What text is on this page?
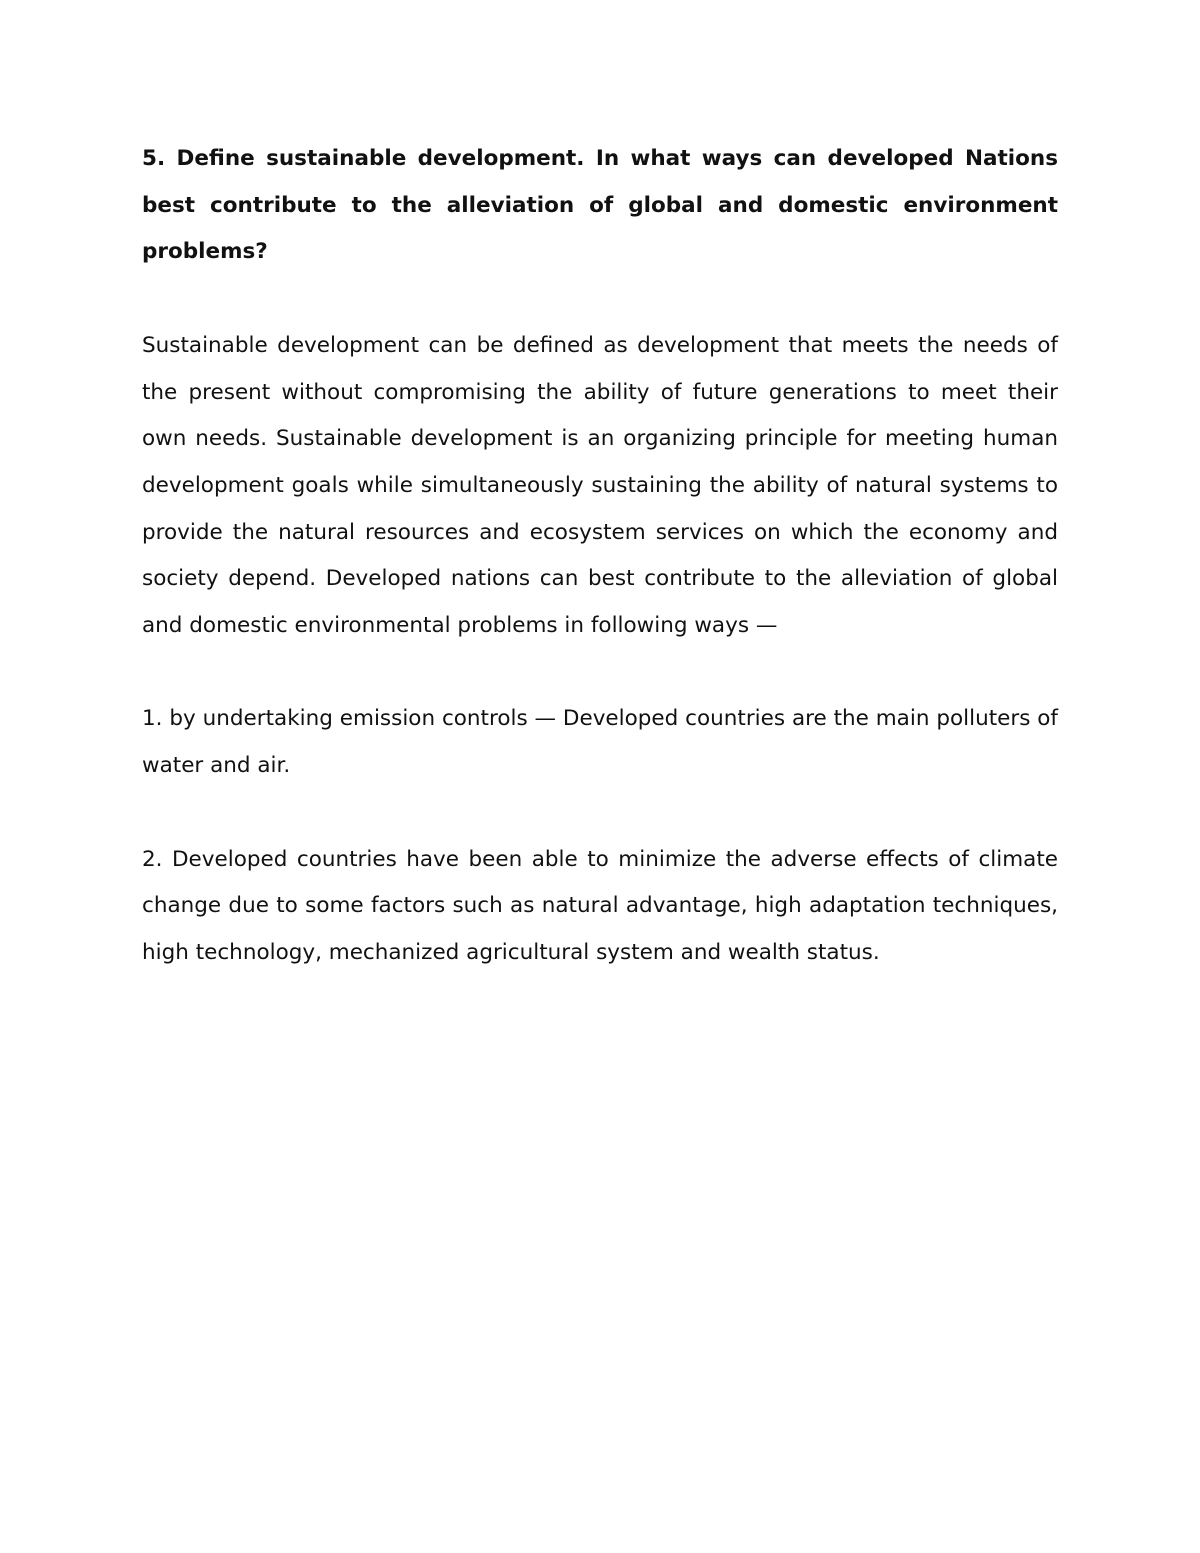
5. Define sustainable development. In what ways can developed Nations best contribute to the alleviation of global and domestic environment problems?

Sustainable development can be defined as development that meets the needs of the present without compromising the ability of future generations to meet their own needs. Sustainable development is an organizing principle for meeting human development goals while simultaneously sustaining the ability of natural systems to provide the natural resources and ecosystem services on which the economy and society depend. Developed nations can best contribute to the alleviation of global and domestic environmental problems in following ways —

1. by undertaking emission controls — Developed countries are the main polluters of water and air.

2. Developed countries have been able to minimize the adverse effects of climate change due to some factors such as natural advantage, high adaptation techniques, high technology, mechanized agricultural system and wealth status.
